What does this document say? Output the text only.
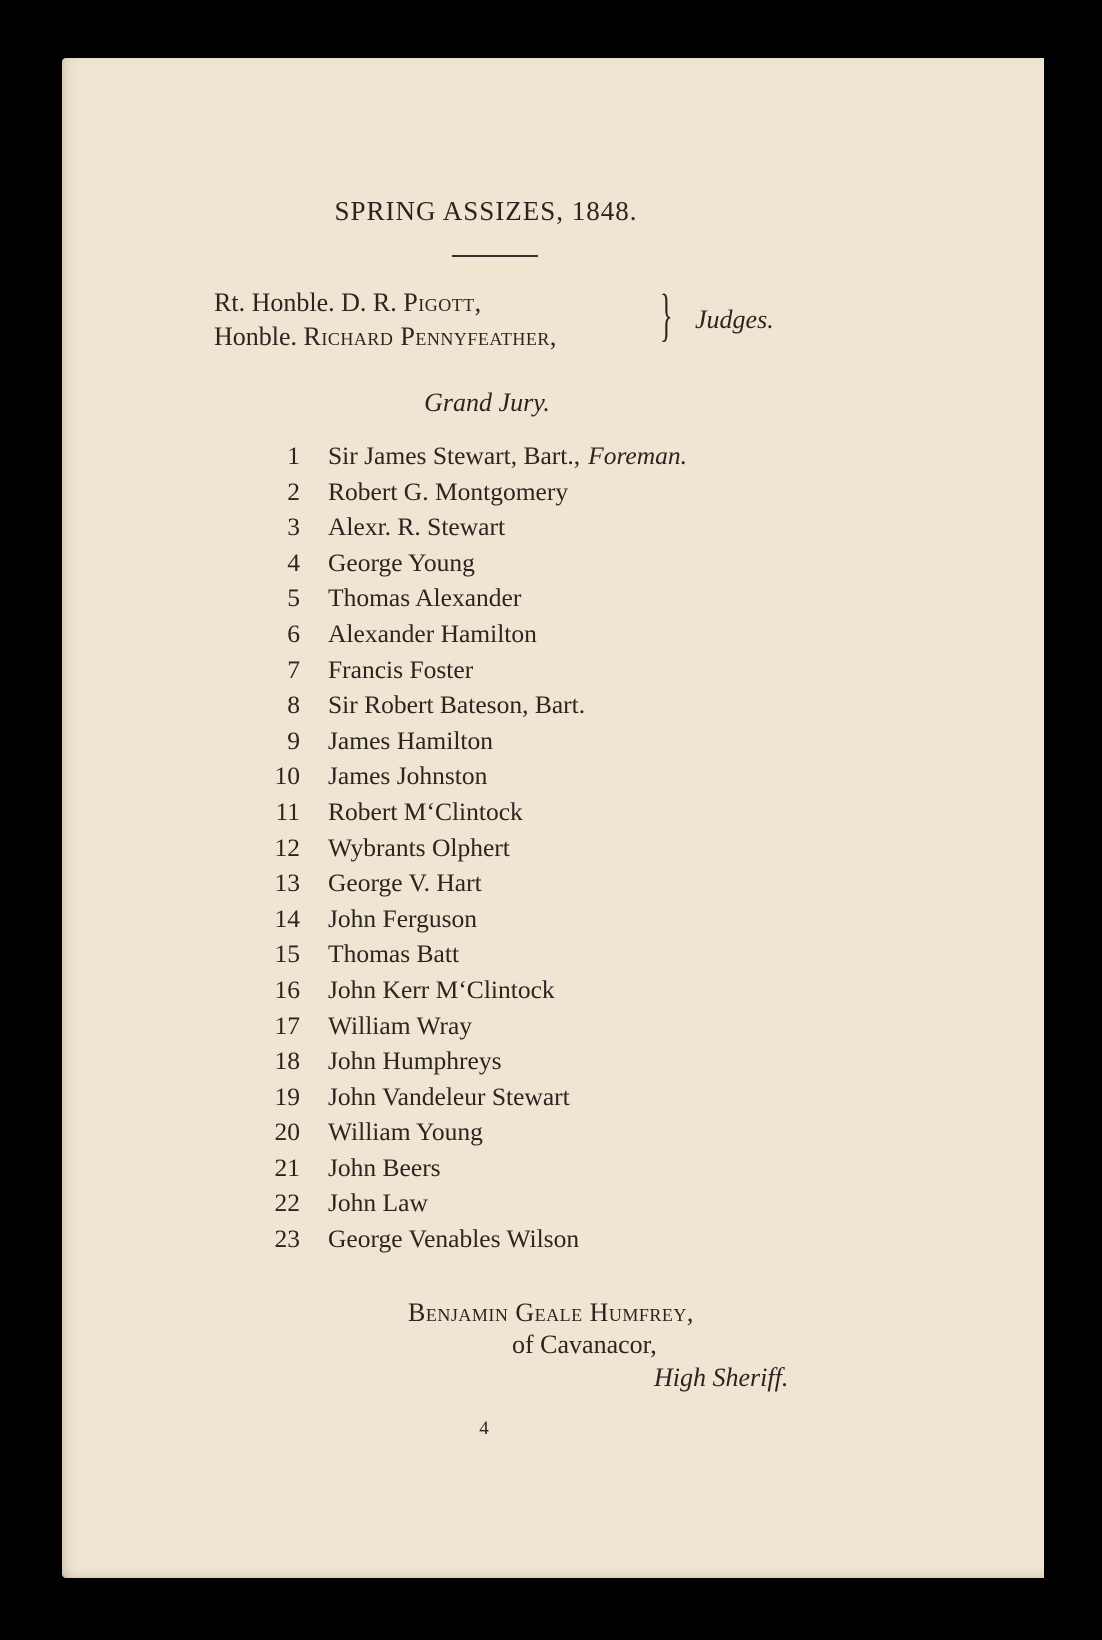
SPRING ASSIZES, 1848.
Rt. Honble. D. R. Pigott,
Honble. Richard Pennyfeather, } Judges.
Grand Jury.
1 Sir James Stewart, Bart., Foreman.
2 Robert G. Montgomery
3 Alexr. R. Stewart
4 George Young
5 Thomas Alexander
6 Alexander Hamilton
7 Francis Foster
8 Sir Robert Bateson, Bart.
9 James Hamilton
10 James Johnston
11 Robert M‘Clintock
12 Wybrants Olphert
13 George V. Hart
14 John Ferguson
15 Thomas Batt
16 John Kerr M‘Clintock
17 William Wray
18 John Humphreys
19 John Vandeleur Stewart
20 William Young
21 John Beers
22 John Law
23 George Venables Wilson
Benjamin Geale Humfrey,
of Cavanacor,
High Sheriff.
4
